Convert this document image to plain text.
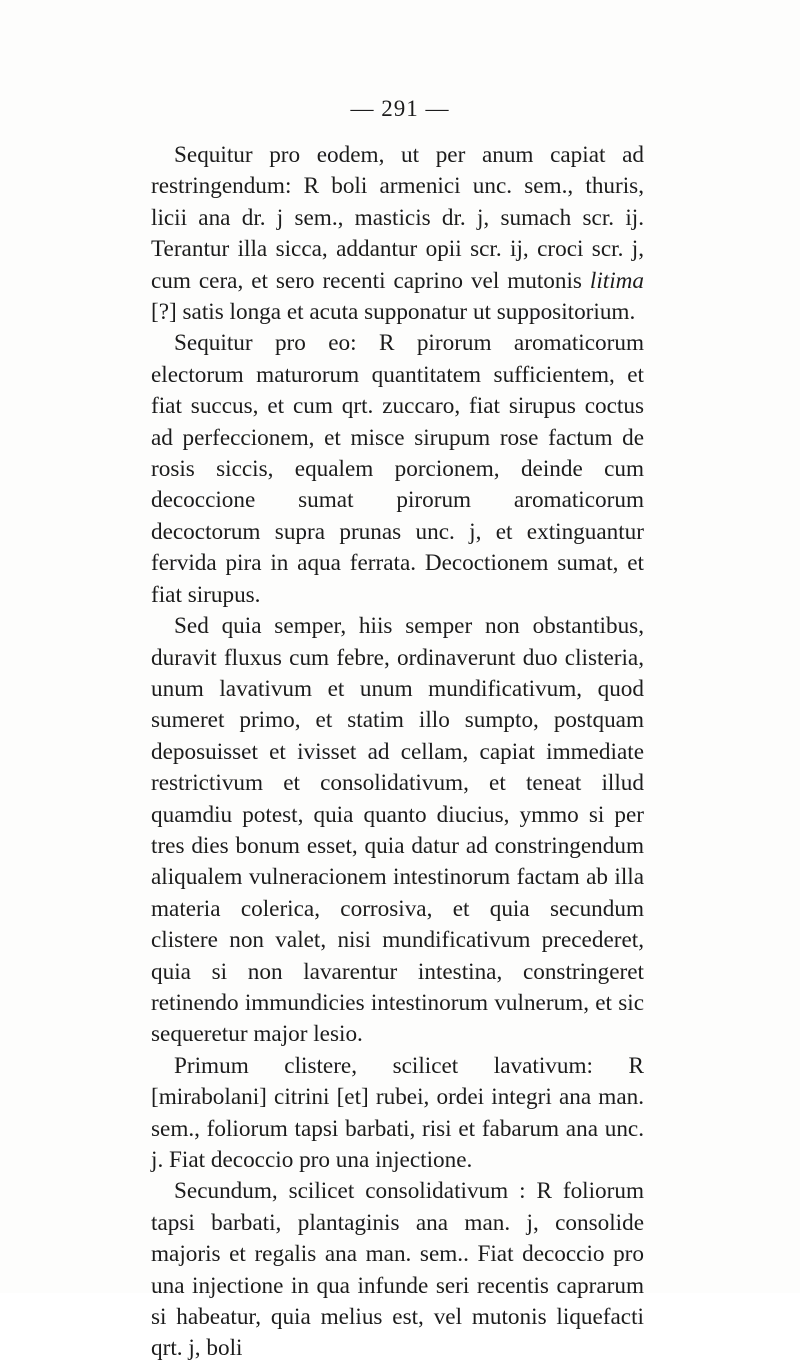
— 291 —

Sequitur pro eodem, ut per anum capiat ad restringendum: R boli armenici unc. sem., thuris, licii ana dr. j sem., masticis dr. j, sumach scr. ij. Terantur illa sicca, addantur opii scr. ij, croci scr. j, cum cera, et sero recenti caprino vel mutonis litima [?] satis longa et acuta supponatur ut suppositorium.

Sequitur pro eo: R pirorum aromaticorum electorum maturorum quantitatem sufficientem, et fiat succus, et cum qrt. zuccaro, fiat sirupus coctus ad perfeccionem, et misce sirupum rose factum de rosis siccis, equalem porcionem, deinde cum decoccione sumat pirorum aromaticorum decoctorum supra prunas unc. j, et extinguantur fervida pira in aqua ferrata. Decoctionem sumat, et fiat sirupus.

Sed quia semper, hiis semper non obstantibus, duravit fluxus cum febre, ordinaverunt duo clisteria, unum lavativum et unum mundificativum, quod sumeret primo, et statim illo sumpto, postquam deposuisset et ivisset ad cellam, capiat immediate restrictivum et consolidativum, et teneat illud quamdiu potest, quia quanto diucius, ymmo si per tres dies bonum esset, quia datur ad constringendum aliqualem vulneracionem intestinorum factam ab illa materia colerica, corrosiva, et quia secundum clistere non valet, nisi mundificativum precederet, quia si non lavarentur intestina, constringeret retinendo immundicies intestinorum vulnerum, et sic sequeretur major lesio.

Primum clistere, scilicet lavativum: R [mirabolani] citrini [et] rubei, ordei integri ana man. sem., foliorum tapsi barbati, risi et fabarum ana unc. j. Fiat decoccio pro una injectione.

Secundum, scilicet consolidativum : R foliorum tapsi barbati, plantaginis ana man. j, consolide majoris et regalis ana man. sem.. Fiat decoccio pro una injectione in qua infunde seri recentis caprarum si habeatur, quia melius est, vel mutonis liquefacti qrt. j, boli
